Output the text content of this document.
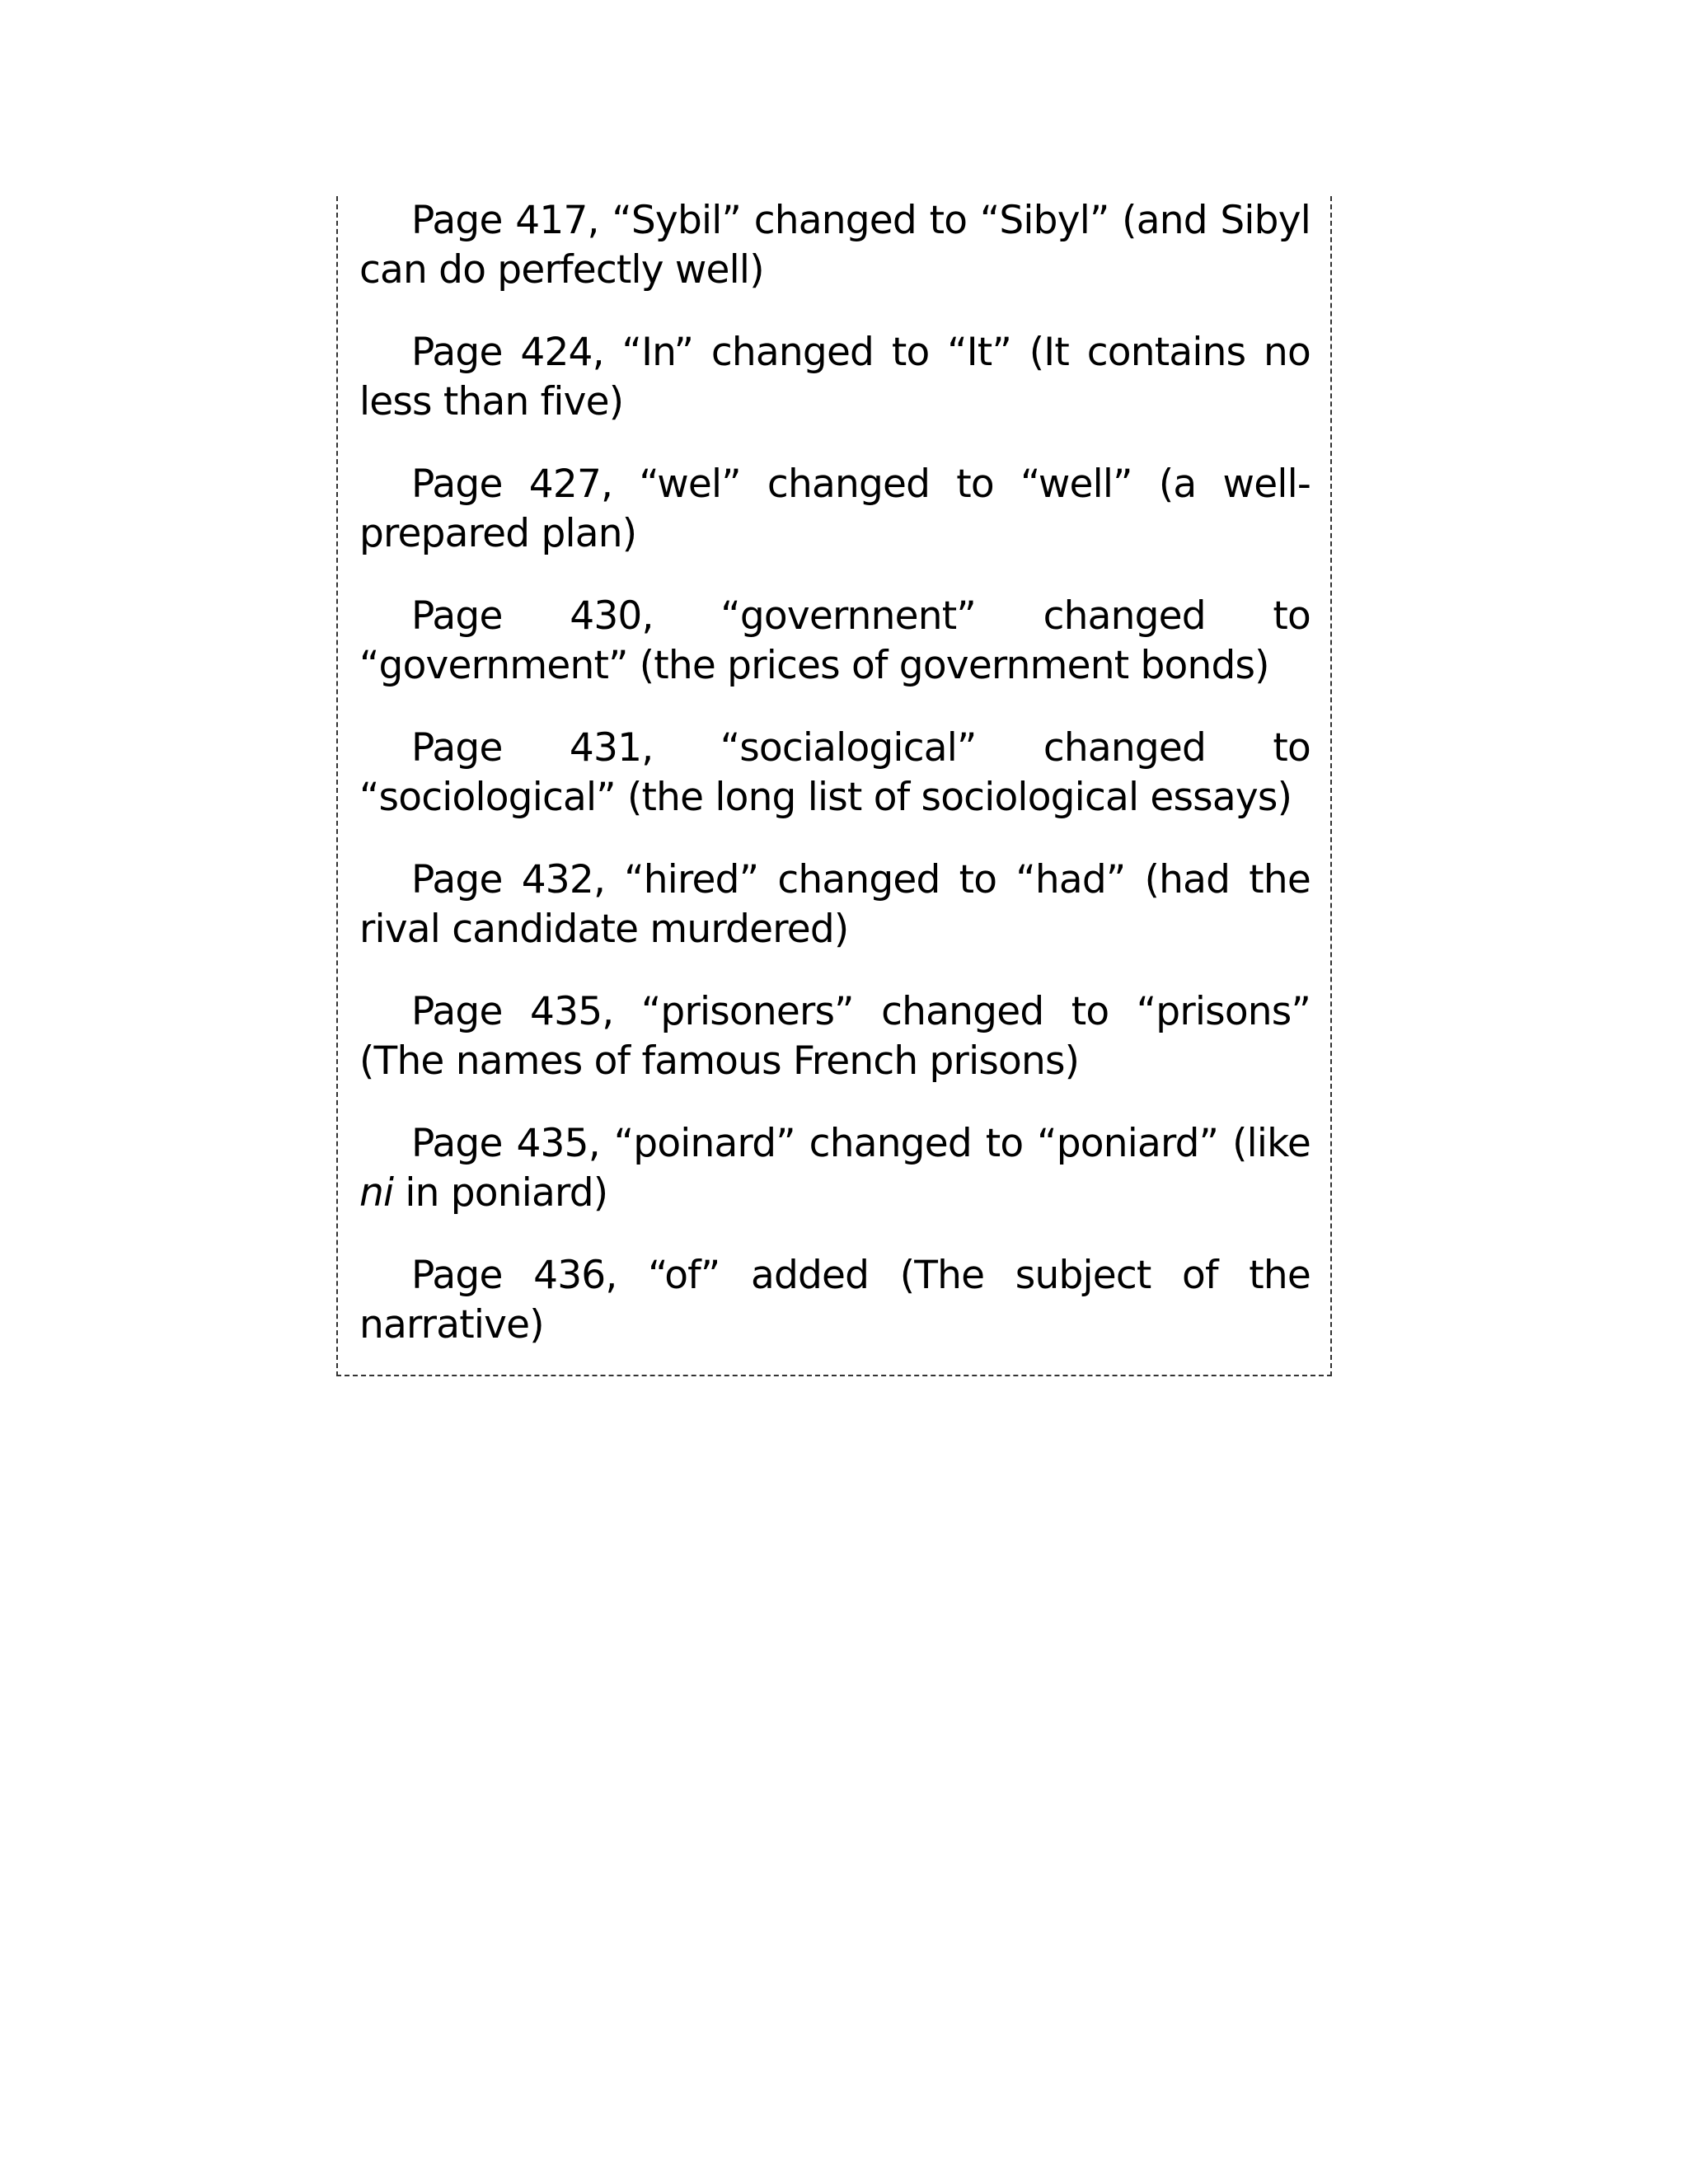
Page 417, “Sybil” changed to “Sibyl” (and Sibyl can do perfectly well)

Page 424, “In” changed to “It” (It contains no less than five)

Page 427, “wel” changed to “well” (a well-prepared plan)

Page 430, “governnent” changed to “government” (the prices of government bonds)

Page 431, “socialogical” changed to “sociological” (the long list of sociological essays)

Page 432, “hired” changed to “had” (had the rival candidate murdered)

Page 435, “prisoners” changed to “prisons” (The names of famous French prisons)

Page 435, “poinard” changed to “poniard” (like ni in poniard)

Page 436, “of” added (The subject of the narrative)
